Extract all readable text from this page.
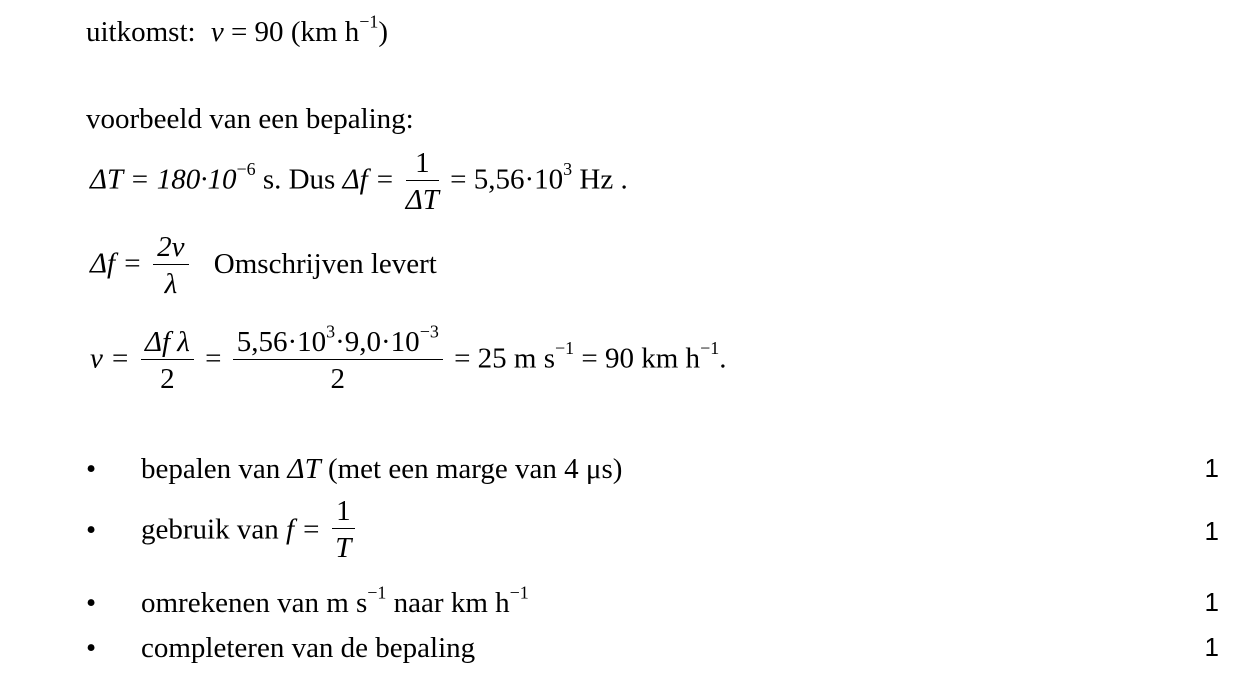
uitkomst: v = 90 (km $h^{-1}$)
voorbeeld van een bepaling:
$\Delta T = 180\cdot 10^{-6}$ s. Dus $\Delta f = \frac{1}{\Delta T} = 5,56\cdot 10^3$ Hz .
$\Delta f = \frac{2v}{\lambda}$ Omschrijven levert
$v = \frac{\text{Δf λ}}{2} = \frac{5,56\cdot 10^3\cdot 9,0\cdot 10^{-3}}{2} = 25$ m $s^{-1} = 90$ km $h^{-1}$.
• bepalen van ΔT (met een marge van 4 μs)	1
• gebruik van $f = \frac{1}{T}$	1
• omrekenen van m $s^{-1}$ naar km $h^{-1}$	1
• completeren van de bepaling	1
